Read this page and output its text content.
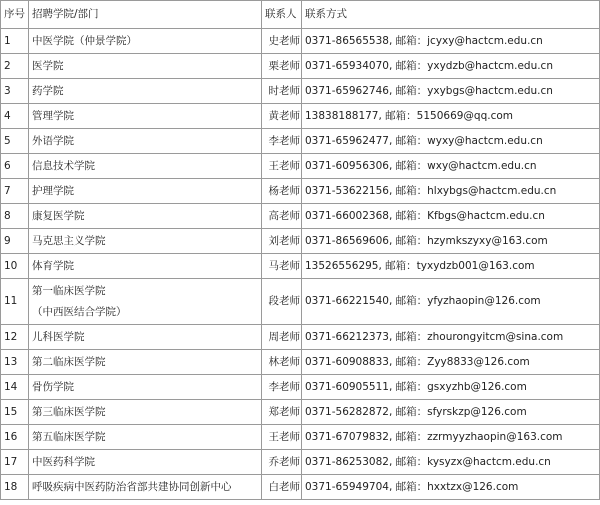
序号	招聘学院/部门	联系人	联系方式
1	中医学院（仲景学院）	史老师	0371-86565538, 邮箱：jcyxy@hactcm.edu.cn
2	医学院	栗老师	0371-65934070, 邮箱：yxydzb@hactcm.edu.cn
3	药学院	时老师	0371-65962746, 邮箱：yxybgs@hactcm.edu.cn
4	管理学院	黄老师	13838188177, 邮箱：5150669@qq.com
5	外语学院	李老师	0371-65962477, 邮箱：wyxy@hactcm.edu.cn
6	信息技术学院	王老师	0371-60956306, 邮箱：wxy@hactcm.edu.cn
7	护理学院	杨老师	0371-53622156, 邮箱：hlxybgs@hactcm.edu.cn
8	康复医学院	高老师	0371-66002368, 邮箱：Kfbgs@hactcm.edu.cn
9	马克思主义学院	刘老师	0371-86569606, 邮箱：hzymkszyxy@163.com
10	体育学院	马老师	13526556295, 邮箱：tyxydzb001@163.com
11	第一临床医学院
（中西医结合学院）	段老师	0371-66221540, 邮箱：yfyzhaopin@126.com
12	儿科医学院	周老师	0371-66212373, 邮箱：zhourongyitcm@sina.com
13	第二临床医学院	林老师	0371-60908833, 邮箱：Zyy8833@126.com
14	骨伤学院	李老师	0371-60905511, 邮箱：gsxyzhb@126.com
15	第三临床医学院	郑老师	0371-56282872, 邮箱：sfyrskzp@126.com
16	第五临床医学院	王老师	0371-67079832, 邮箱：zzrmyyzhaopin@163.com
17	中医药科学院	乔老师	0371-86253082, 邮箱：kysyzx@hactcm.edu.cn
18	呼吸疾病中医药防治省部共建协同创新中心	白老师	0371-65949704, 邮箱：hxxtzx@126.com
